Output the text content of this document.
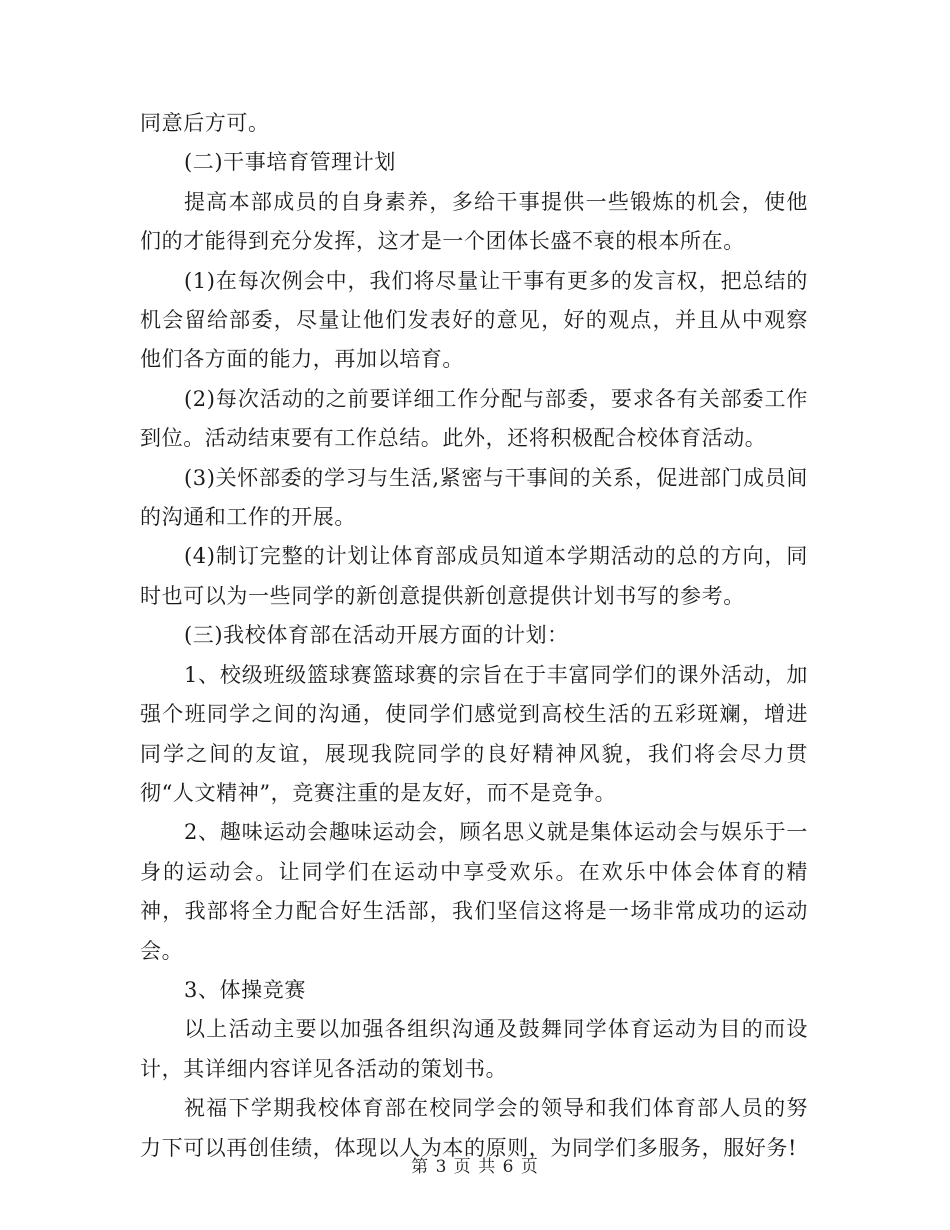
同意后方可。

(二)干事培育管理计划

提高本部成员的自身素养，多给干事提供一些锻炼的机会，使他们的才能得到充分发挥，这才是一个团体长盛不衰的根本所在。

(1)在每次例会中，我们将尽量让干事有更多的发言权，把总结的机会留给部委，尽量让他们发表好的意见，好的观点，并且从中观察他们各方面的能力，再加以培育。

(2)每次活动的之前要详细工作分配与部委，要求各有关部委工作到位。活动结束要有工作总结。此外，还将积极配合校体育活动。

(3)关怀部委的学习与生活,紧密与干事间的关系，促进部门成员间的沟通和工作的开展。

(4)制订完整的计划让体育部成员知道本学期活动的总的方向，同时也可以为一些同学的新创意提供新创意提供计划书写的参考。

(三)我校体育部在活动开展方面的计划：

1、校级班级篮球赛篮球赛的宗旨在于丰富同学们的课外活动，加强个班同学之间的沟通，使同学们感觉到高校生活的五彩斑斓，增进同学之间的友谊，展现我院同学的良好精神风貌，我们将会尽力贯彻“人文精神”，竞赛注重的是友好，而不是竞争。

2、趣味运动会趣味运动会，顾名思义就是集体运动会与娱乐于一身的运动会。让同学们在运动中享受欢乐。在欢乐中体会体育的精神，我部将全力配合好生活部，我们坚信这将是一场非常成功的运动会。

3、体操竞赛

以上活动主要以加强各组织沟通及鼓舞同学体育运动为目的而设计，其详细内容详见各活动的策划书。

祝福下学期我校体育部在校同学会的领导和我们体育部人员的努力下可以再创佳绩，体现以人为本的原则，为同学们多服务，服好务!

第 3 页 共 6 页
